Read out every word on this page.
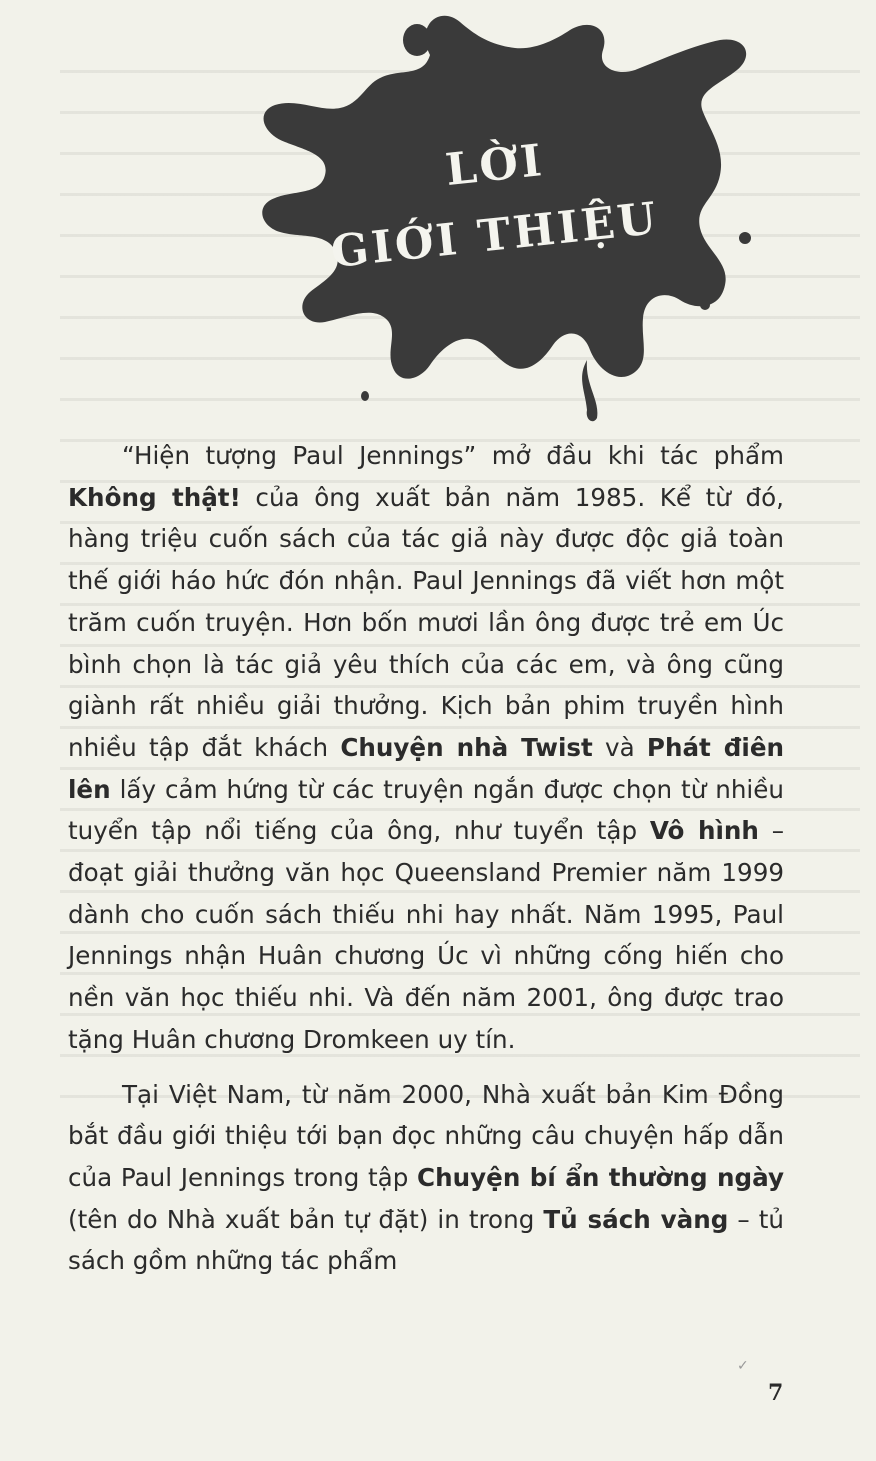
LỜI
GIỚI THIỆU

“Hiện tượng Paul Jennings” mở đầu khi tác phẩm Không thật! của ông xuất bản năm 1985. Kể từ đó, hàng triệu cuốn sách của tác giả này được độc giả toàn thế giới háo hức đón nhận. Paul Jennings đã viết hơn một trăm cuốn truyện. Hơn bốn mươi lần ông được trẻ em Úc bình chọn là tác giả yêu thích của các em, và ông cũng giành rất nhiều giải thưởng. Kịch bản phim truyền hình nhiều tập đắt khách Chuyện nhà Twist và Phát điên lên lấy cảm hứng từ các truyện ngắn được chọn từ nhiều tuyển tập nổi tiếng của ông, như tuyển tập Vô hình – đoạt giải thưởng văn học Queensland Premier năm 1999 dành cho cuốn sách thiếu nhi hay nhất. Năm 1995, Paul Jennings nhận Huân chương Úc vì những cống hiến cho nền văn học thiếu nhi. Và đến năm 2001, ông được trao tặng Huân chương Dromkeen uy tín.

Tại Việt Nam, từ năm 2000, Nhà xuất bản Kim Đồng bắt đầu giới thiệu tới bạn đọc những câu chuyện hấp dẫn của Paul Jennings trong tập Chuyện bí ẩn thường ngày (tên do Nhà xuất bản tự đặt) in trong Tủ sách vàng – tủ sách gồm những tác phẩm

✓
7
